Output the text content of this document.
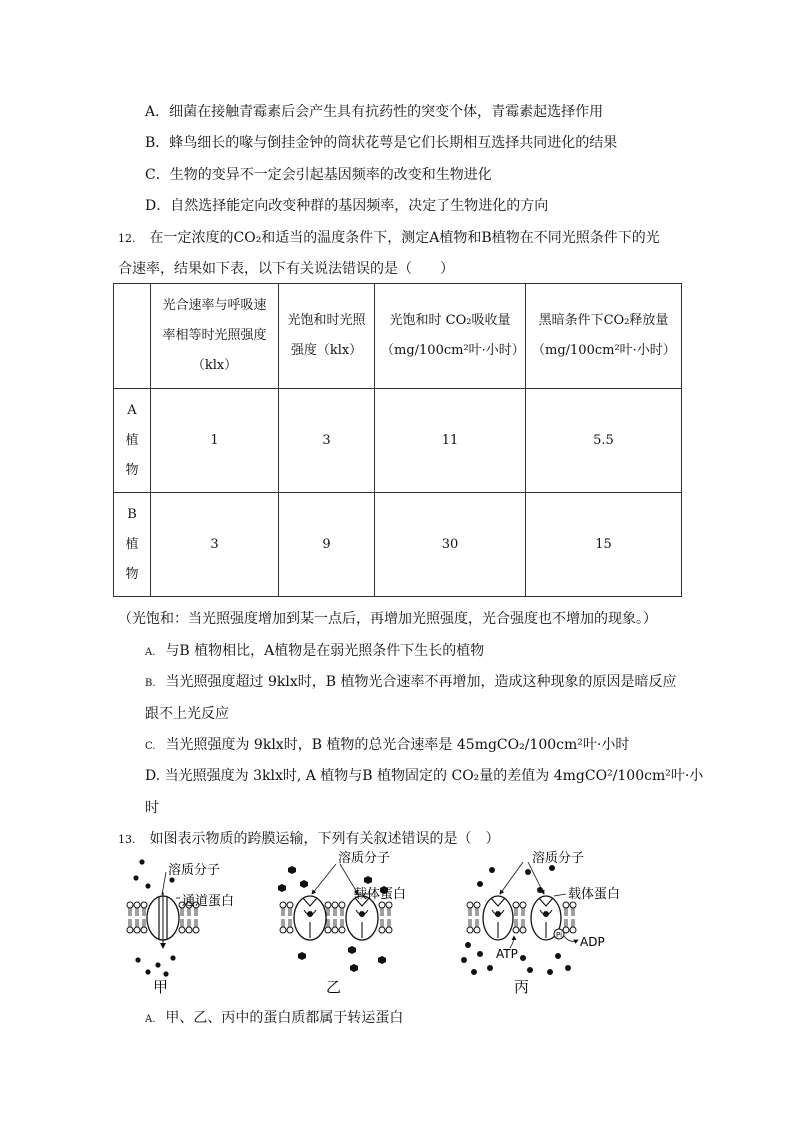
A．细菌在接触青霉素后会产生具有抗药性的突变个体，青霉素起选择作用
B．蜂鸟细长的喙与倒挂金钟的筒状花萼是它们长期相互选择共同进化的结果
C．生物的变异不一定会引起基因频率的改变和生物进化
D．自然选择能定向改变种群的基因频率，决定了生物进化的方向
12. 在一定浓度的CO₂和适当的温度条件下，测定A植物和B植物在不同光照条件下的光
合速率，结果如下表，以下有关说法错误的是（　　）
	光合速率与呼吸速率相等时光照强度（klx）	光饱和时光照强度（klx）	光饱和时 CO₂吸收量（mg/100cm²叶·小时）	黑暗条件下CO₂释放量（mg/100cm²叶·小时）

A
植
物	1	3	11	5.5

B
植
物	3	9	30	15
（光饱和：当光照强度增加到某一点后，再增加光照强度，光合强度也不增加的现象。）
A. 与B 植物相比，A植物是在弱光照条件下生长的植物
B. 当光照强度超过 9klx时，B 植物光合速率不再增加，造成这种现象的原因是暗反应
跟不上光反应
C. 当光照强度为 9klx时，B 植物的总光合速率是 45mgCO₂/100cm²叶·小时
D. 当光照强度为 3klx时, A 植物与B 植物固定的 CO₂量的差值为 4mgCO²/100cm²叶·小
时
13. 如图表示物质的跨膜运输，下列有关叙述错误的是（　）
溶质分子
通道蛋白
甲
溶质分子
载体蛋白
乙
Pi
溶质分子
载体蛋白
ATP
ADP
丙
A. 甲、乙、丙中的蛋白质都属于转运蛋白
